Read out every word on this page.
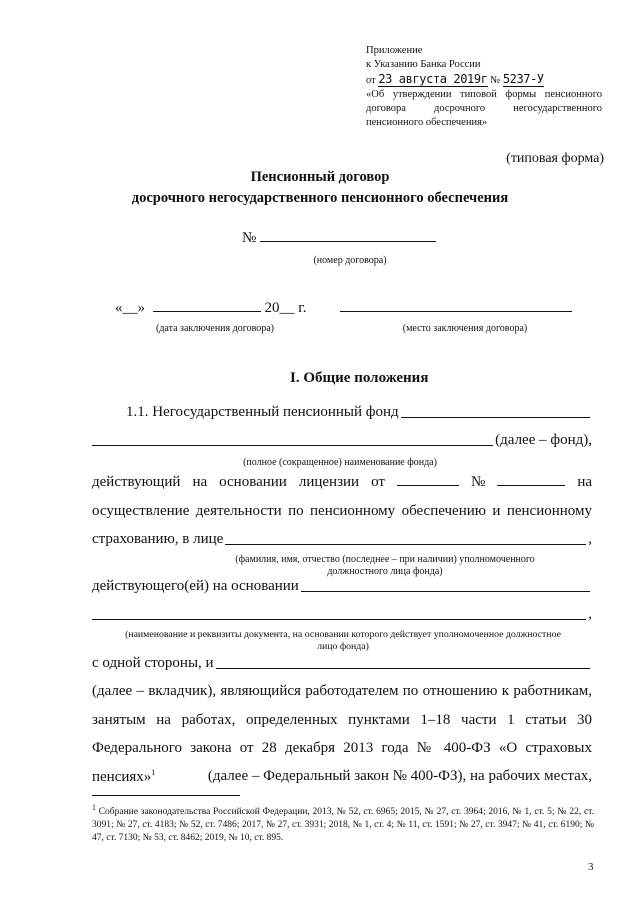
Приложение
к Указанию Банка России
от 23 августа 2019г № 5237-У
«Об утверждении типовой формы пенсионного
договора досрочного негосударственного
пенсионного обеспечения»
(типовая форма)
Пенсионный договор
досрочного негосударственного пенсионного обеспечения
№
(номер договора)
«__»	20__ г.
(дата заключения договора)	(место заключения договора)
I. Общие положения
1.1. Негосударственный пенсионный фонд
(далее – фонд),
(полное (сокращенное) наименование фонда)
действующий на основании лицензии от	№	на
осуществление деятельности по пенсионному обеспечению и пенсионному
страхованию, в лице	,
(фамилия, имя, отчество (последнее – при наличии) уполномоченного
должностного лица фонда)
действующего(ей) на основании
,
(наименование и реквизиты документа, на основании которого действует уполномоченное должностное
лицо фонда)
с одной стороны, и
(далее – вкладчик), являющийся работодателем по отношению к работникам,
занятым на работах, определенных пунктами 1–18 части 1 статьи 30
Федерального закона от 28 декабря 2013 года № 400-ФЗ «О страховых
пенсиях»$^1$	(далее – Федеральный закон № 400-ФЗ), на рабочих местах,
$^1$ Собрание законодательства Российской Федерации, 2013, № 52, ст. 6965; 2015, № 27, ст. 3964; 2016, № 1, ст. 5; № 22, ст. 3091; № 27, ст. 4183; № 52, ст. 7486; 2017, № 27, ст. 3931; 2018, № 1, ст. 4; № 11, ст. 1591; № 27, ст. 3947; № 41, ст. 6190; № 47, ст. 7130; № 53, ст. 8462; 2019, № 10, ст. 895.
3
